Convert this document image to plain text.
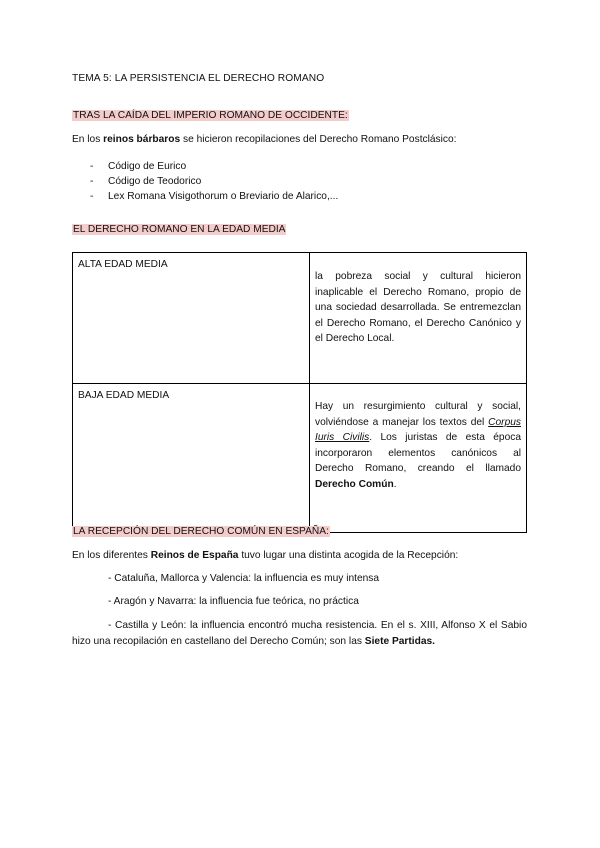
TEMA 5: LA PERSISTENCIA EL DERECHO ROMANO
TRAS LA CAÍDA DEL IMPERIO ROMANO DE OCCIDENTE:
En los reinos bárbaros se hicieron recopilaciones del Derecho Romano Postclásico:
- Código de Eurico
- Código de Teodorico
- Lex Romana Visigothorum o Breviario de Alarico,...
EL DERECHO ROMANO EN LA EDAD MEDIA
ALTA EDAD MEDIA	la pobreza social y cultural hicieron inaplicable el Derecho Romano, propio de una sociedad desarrollada. Se entremezclan el Derecho Romano, el Derecho Canónico y el Derecho Local.

BAJA EDAD MEDIA	Hay un resurgimiento cultural y social, volviéndose a manejar los textos del Corpus Iuris Civilis. Los juristas de esta época incorporaron elementos canónicos al Derecho Romano, creando el llamado Derecho Común.
LA RECEPCIÓN DEL DERECHO COMÚN EN ESPAÑA:
En los diferentes Reinos de España tuvo lugar una distinta acogida de la Recepción:
- Cataluña, Mallorca y Valencia: la influencia es muy intensa
- Aragón y Navarra: la influencia fue teórica, no práctica
- Castilla y León: la influencia encontró mucha resistencia. En el s. XIII, Alfonso X el Sabio hizo una recopilación en castellano del Derecho Común; son las Siete Partidas.
